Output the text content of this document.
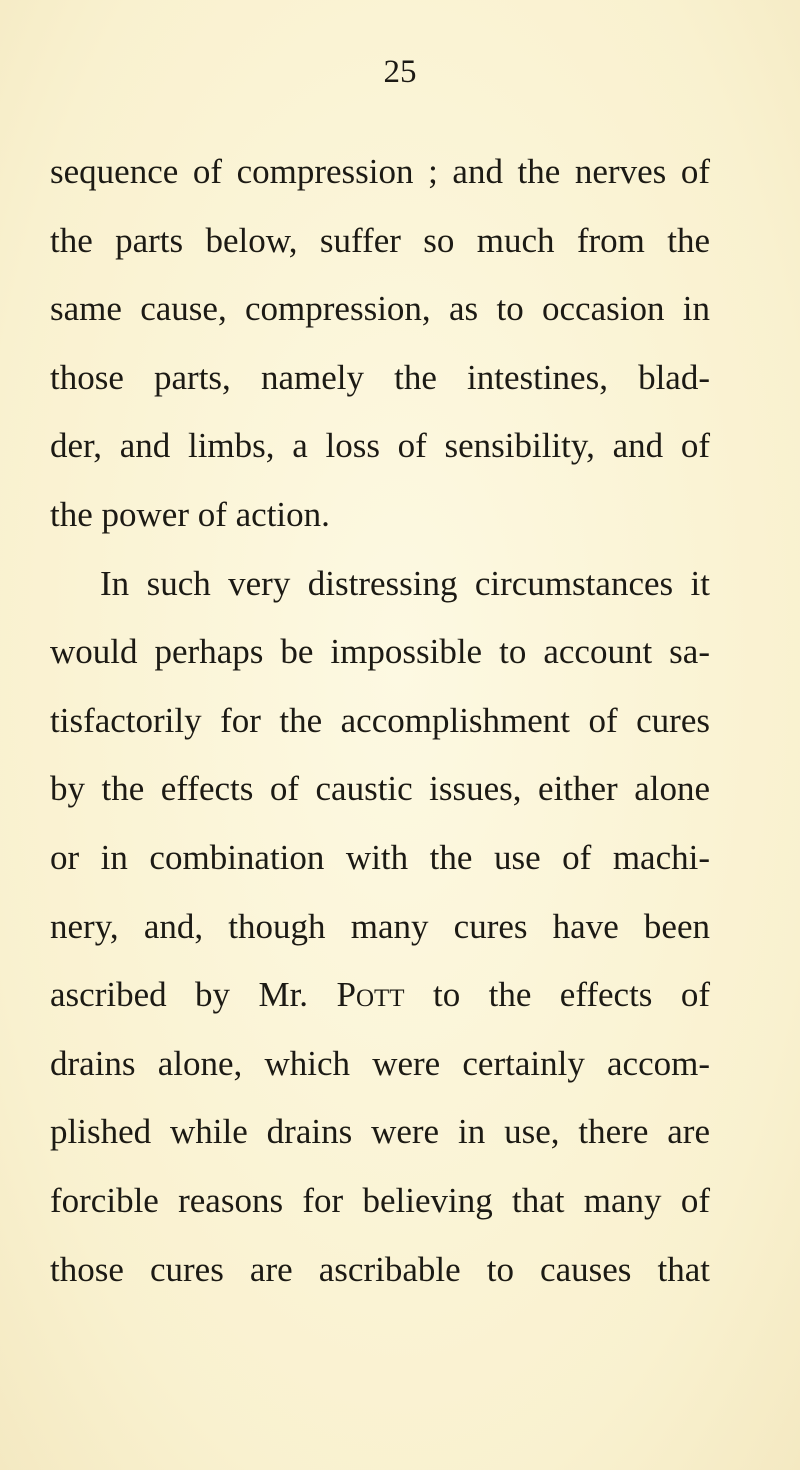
25
sequence of compression ; and the nerves of
the parts below, suffer so much from the
same cause, compression, as to occasion in
those parts, namely the intestines, blad-
der, and limbs, a loss of sensibility, and of
the power of action.
In such very distressing circumstances it
would perhaps be impossible to account sa-
tisfactorily for the accomplishment of cures
by the effects of caustic issues, either alone
or in combination with the use of machi-
nery, and, though many cures have been
ascribed by Mr. Pott to the effects of
drains alone, which were certainly accom-
plished while drains were in use, there are
forcible reasons for believing that many of
those cures are ascribable to causes that
